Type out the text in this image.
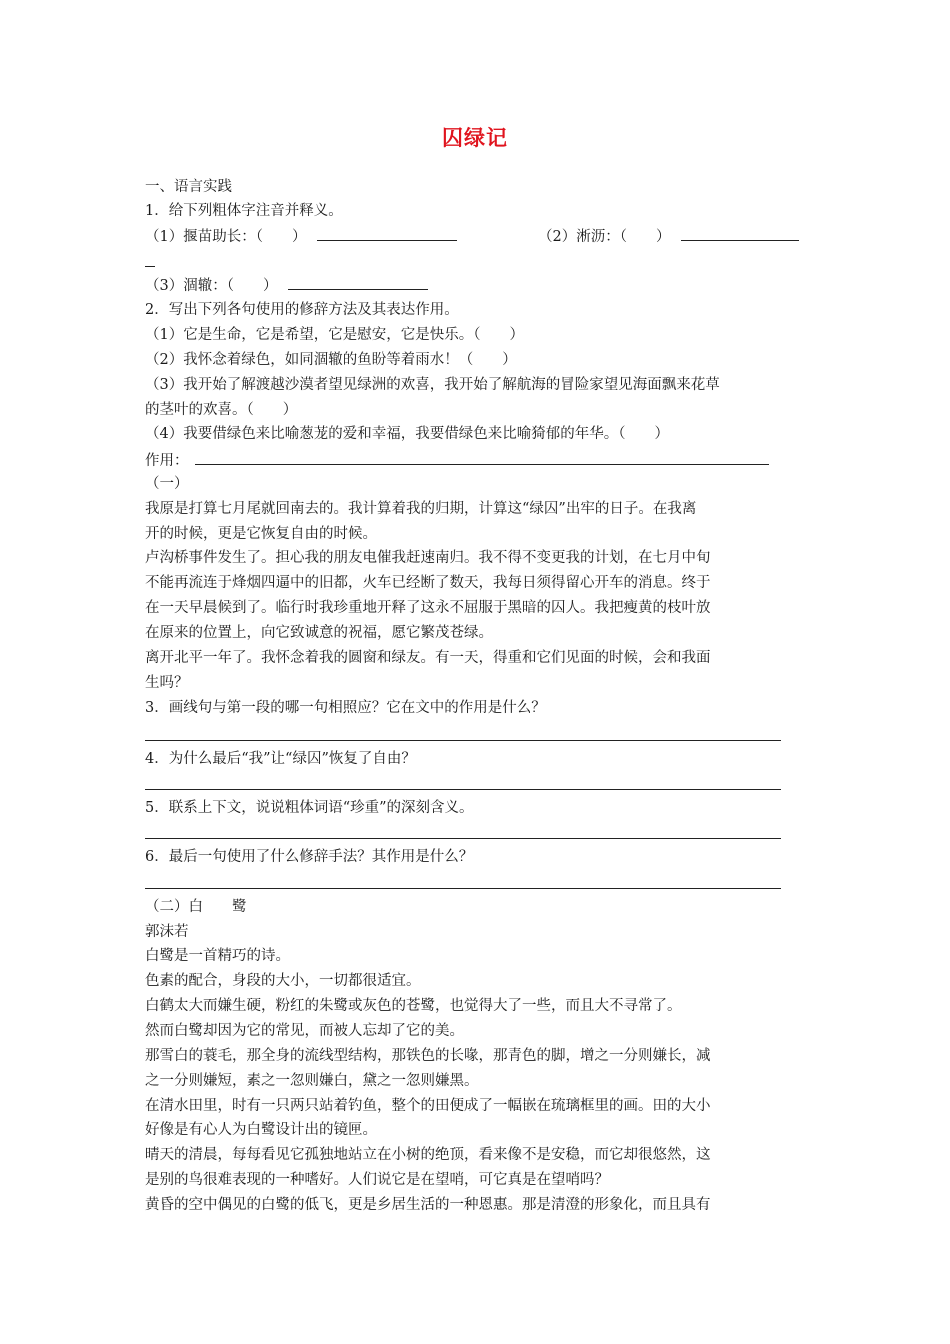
囚绿记
一、语言实践
1．给下列粗体字注音并释义。
（1）揠苗助长：（　　）	（2）淅沥：（　　）
（3）涸辙：（　　）
2．写出下列各句使用的修辞方法及其表达作用。
（1）它是生命，它是希望，它是慰安，它是快乐。（　　）
（2）我怀念着绿色，如同涸辙的鱼盼等着雨水！（　　）
（3）我开始了解渡越沙漠者望见绿洲的欢喜，我开始了解航海的冒险家望见海面飘来花草
的茎叶的欢喜。（　　）
（4）我要借绿色来比喻葱茏的爱和幸福，我要借绿色来比喻猗郁的年华。（　　）
作用：
（一）
我原是打算七月尾就回南去的。我计算着我的归期，计算这“绿囚”出牢的日子。在我离
开的时候，更是它恢复自由的时候。
卢沟桥事件发生了。担心我的朋友电催我赶速南归。我不得不变更我的计划，在七月中旬
不能再流连于烽烟四逼中的旧都，火车已经断了数天，我每日须得留心开车的消息。终于
在一天早晨候到了。临行时我珍重地开释了这永不屈服于黑暗的囚人。我把瘦黄的枝叶放
在原来的位置上，向它致诚意的祝福，愿它繁茂苍绿。
离开北平一年了。我怀念着我的圆窗和绿友。有一天，得重和它们见面的时候，会和我面
生吗？
3．画线句与第一段的哪一句相照应？它在文中的作用是什么？
4．为什么最后“我”让“绿囚”恢复了自由？
5．联系上下文，说说粗体词语“珍重”的深刻含义。
6．最后一句使用了什么修辞手法？其作用是什么？
（二）白　　鹭
郭沫若
白鹭是一首精巧的诗。
色素的配合，身段的大小，一切都很适宜。
白鹤太大而嫌生硬，粉红的朱鹭或灰色的苍鹭，也觉得大了一些，而且大不寻常了。
然而白鹭却因为它的常见，而被人忘却了它的美。
那雪白的蓑毛，那全身的流线型结构，那铁色的长喙，那青色的脚，增之一分则嫌长，减
之一分则嫌短，素之一忽则嫌白，黛之一忽则嫌黑。
在清水田里，时有一只两只站着钓鱼，整个的田便成了一幅嵌在琉璃框里的画。田的大小
好像是有心人为白鹭设计出的镜匣。
晴天的清晨，每每看见它孤独地站立在小树的绝顶，看来像不是安稳，而它却很悠然，这
是别的鸟很难表现的一种嗜好。人们说它是在望哨，可它真是在望哨吗？
黄昏的空中偶见的白鹭的低飞，更是乡居生活的一种恩惠。那是清澄的形象化，而且具有
